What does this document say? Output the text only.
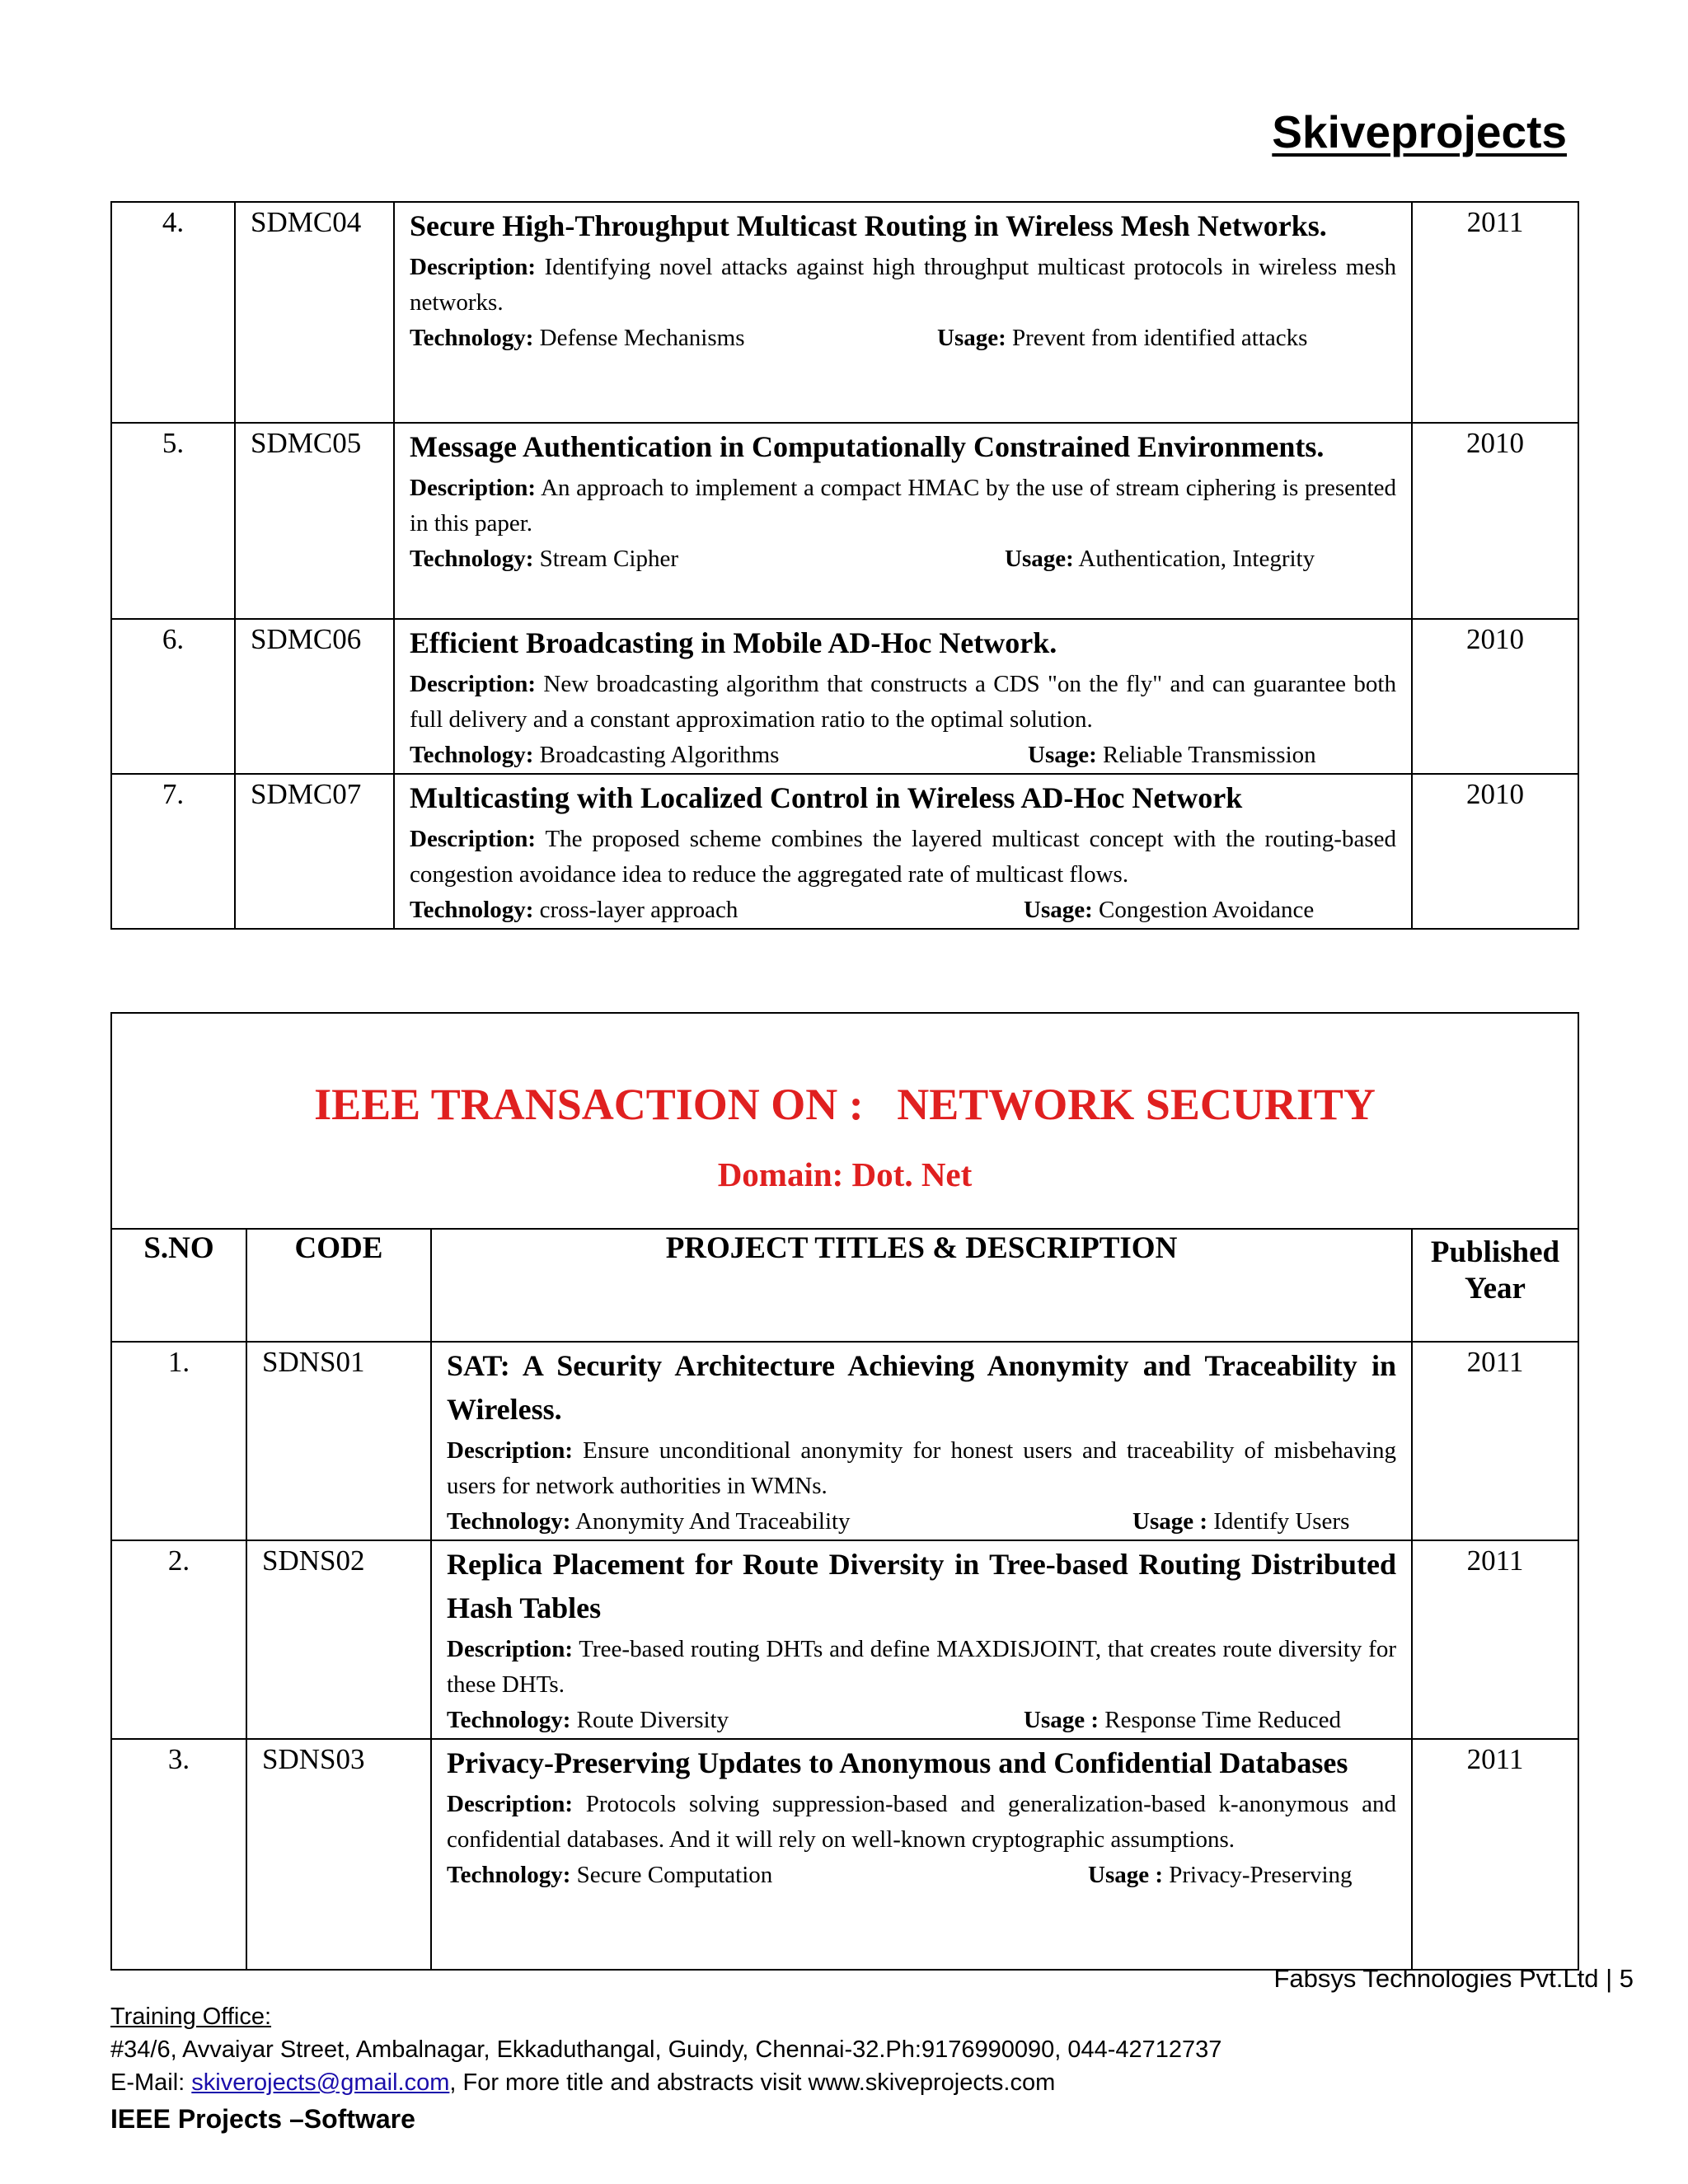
Skiveprojects
4.	SDMC04	Secure High-Throughput Multicast Routing in Wireless Mesh Networks.
Description: Identifying novel attacks against high throughput multicast protocols in wireless mesh networks.
Technology: Defense Mechanisms Usage: Prevent from identified attacks	2011
5.	SDMC05	Message Authentication in Computationally Constrained Environments.
Description: An approach to implement a compact HMAC by the use of stream ciphering is presented in this paper.
Technology: Stream Cipher Usage: Authentication, Integrity	2010
6.	SDMC06	Efficient Broadcasting in Mobile AD-Hoc Network.
Description: New broadcasting algorithm that constructs a CDS "on the fly" and can guarantee both full delivery and a constant approximation ratio to the optimal solution.
Technology: Broadcasting Algorithms Usage: Reliable Transmission	2010
7.	SDMC07	Multicasting with Localized Control in Wireless AD-Hoc Network
Description: The proposed scheme combines the layered multicast concept with the routing-based congestion avoidance idea to reduce the aggregated rate of multicast flows.
Technology: cross-layer approach Usage: Congestion Avoidance	2010
IEEE TRANSACTION ON :   NETWORK SECURITY
Domain: Dot. Net			

S.NO	CODE	PROJECT TITLES & DESCRIPTION	Published Year
1.	SDNS01	SAT: A Security Architecture Achieving Anonymity and Traceability in Wireless.
Description: Ensure unconditional anonymity for honest users and traceability of misbehaving users for network authorities in WMNs.
Technology: Anonymity And Traceability Usage : Identify Users	2011
2.	SDNS02	Replica Placement for Route Diversity in Tree-based Routing Distributed Hash Tables
Description: Tree-based routing DHTs and define MAXDISJOINT, that creates route diversity for these DHTs.
Technology: Route Diversity Usage : Response Time Reduced	2011
3.	SDNS03	Privacy-Preserving Updates to Anonymous and Confidential Databases
Description: Protocols solving suppression-based and generalization-based k-anonymous and confidential databases. And it will rely on well-known cryptographic assumptions.
Technology: Secure Computation Usage : Privacy-Preserving	2011
Fabsys Technologies Pvt.Ltd | 5
Training Office:
#34/6, Avvaiyar Street, Ambalnagar, Ekkaduthangal, Guindy, Chennai-32.Ph:9176990090, 044-42712737
E-Mail: skiverojects@gmail.com, For more title and abstracts visit www.skiveprojects.com
IEEE Projects –Software
